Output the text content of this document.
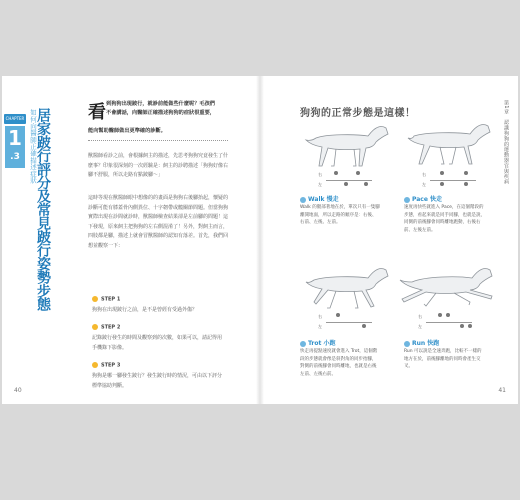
CHAPTER
1
.3	如何向醫師正確描述症狀
居家跛行評分及常見跛行姿勢步態 看 到狗狗出現跛行，就診前能做些什麼呢？毛孩們
不會講話，向醫師正確描述狗狗的症狀很重要，
能向幫助醫師做出更準確的診斷。
獸醫師看診之前，會根據飼主的描述，先思考狗狗究竟發生了什麼事？印象很深刻的一次經驗是：飼主的診聘描述「狗狗好像右腳不舒服，所以走路有點跛腳～」
這時等現在獸醫師眼中想像的的畫面是狗狗右後腳抬起，懷疑的診斷可能有膝蓋骨內側異位、十字韌帶或髖關節問題。但當狗狗實際出現在診間就診時，獸醫師檢查結果卻是左前腳的問題！這下發現，原來飼主把狗狗的左右側混淆了！另外，對飼主而言，四肢都是腳，描述上就會冒獸醫師的認知有落差。首先，我們回想並觀察一下：
STEP 1
狗狗在出現跛行之前，是不是曾經有受過外傷？
STEP 2
記錄跛行發生的時間及觀察到的次數，如果可以，請記得用手機錄下影像。
STEP 3
狗狗是哪一腳發生跛行？發生跛行時的情況，可由以下評分標準協助判斷。
40
狗狗的正常步態是這樣！	第1章　認識狗狗的運動器官與疾病
右
左
Walk 慢走
Walk 的腿部著地在於，單次只有一隻腳離開地面，所以走路的順序是：右後、右前、左後、左前。
右
左
Pace 快走
速度再快些就進入 Pace，在這個階段的步態，看起來就是同手同腳，也就是說，同側的前後腳會同時離地跑動，右後右前、左後左前。
右
左
Trot 小跑
快走再提點速度就會進入 Trot，這個階段的步態就會像是斜對角的同步抬腳，對側的前後腳會同時離地，也就是右後左前、左後右前。
右
左
Run 快跑
Run 可以說是全速奔跑，比較不一樣的地方在於，前後腳離地的同時會產生交叉。
41
